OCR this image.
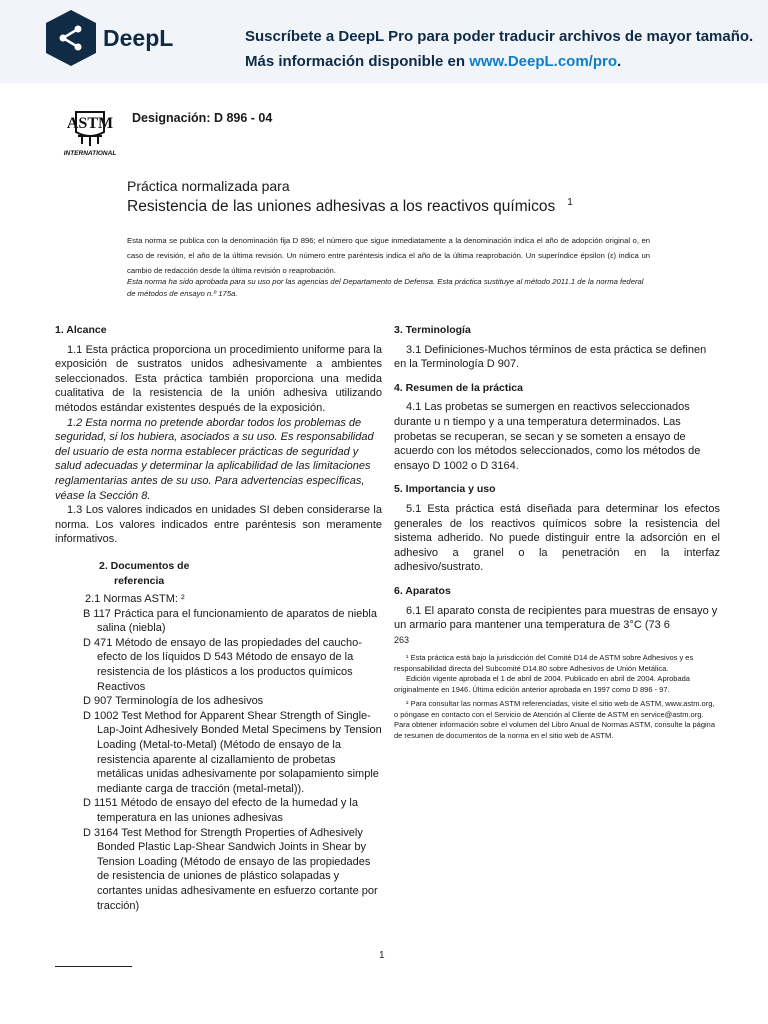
DeepL	Suscríbete a DeepL Pro para poder traducir archivos de mayor tamaño.
Más información disponible en www.DeepL.com/pro.
ASTM
INTERNATIONAL
Designación: D 896 - 04
Práctica normalizada para
Resistencia de las uniones adhesivas a los reactivos químicos $^1$
Esta norma se publica con la denominación fija D 896; el número que sigue inmediatamente a la denominación indica el año de adopción original o, en caso de revisión, el año de la última revisión. Un número entre paréntesis indica el año de la última reaprobación. Un superíndice épsilon (ε) indica un cambio de redacción desde la última revisión o reaprobación.
Esta norma ha sido aprobada para su uso por las agencias del Departamento de Defensa. Esta práctica sustituye al método 2011.1 de la norma federal de métodos de ensayo n.º 175a.
1. Alcance

1.1 Esta práctica proporciona un procedimiento uniforme para la exposición de sustratos unidos adhesivamente a ambientes seleccionados. Esta práctica también proporciona una medida cualitativa de la resistencia de la unión adhesiva utilizando métodos estándar existentes después de la exposición.

1.2 Esta norma no pretende abordar todos los problemas de seguridad, si los hubiera, asociados a su uso. Es responsabilidad del usuario de esta norma establecer prácticas de seguridad y salud adecuadas y determinar la aplicabilidad de las limitaciones reglamentarias antes de su uso. Para advertencias específicas, véase la Sección 8.

1.3 Los valores indicados en unidades SI deben considerarse la norma. Los valores indicados entre paréntesis son meramente informativos.

2. Documentos de
referencia

2.1 Normas ASTM: ²

B 117 Práctica para el funcionamiento de aparatos de niebla salina (niebla)

D 471 Método de ensayo de las propiedades del caucho-efecto de los líquidos D 543 Método de ensayo de la resistencia de los plásticos a los productos químicos Reactivos

D 907 Terminología de los adhesivos

D 1002 Test Method for Apparent Shear Strength of Single-Lap-Joint Adhesively Bonded Metal Specimens by Tension Loading (Metal-to-Metal) (Método de ensayo de la resistencia aparente al cizallamiento de probetas metálicas unidas adhesivamente por solapamiento simple mediante carga de tracción (metal-metal)).

D 1151 Método de ensayo del efecto de la humedad y la temperatura en las uniones adhesivas

D 3164 Test Method for Strength Properties of Adhesively Bonded Plastic Lap-Shear Sandwich Joints in Shear by Tension Loading (Método de ensayo de las propiedades de resistencia de uniones de plástico solapadas y cortantes unidas adhesivamente en esfuerzo cortante por tracción)

3. Terminología

3.1 Definiciones-Muchos términos de esta práctica se definen en la Terminología D 907.

4. Resumen de la práctica

4.1 Las probetas se sumergen en reactivos seleccionados durante u n tiempo y a una temperatura determinados. Las probetas se recuperan, se secan y se someten a ensayo de acuerdo con los métodos seleccionados, como los métodos de ensayo D 1002 o D 3164.

5. Importancia y uso

5.1 Esta práctica está diseñada para determinar los efectos generales de los reactivos químicos sobre la resistencia del sistema adherido. No puede distinguir entre la adsorción en el adhesivo a granel o la penetración en la interfaz adhesivo/sustrato.

6. Aparatos

6.1 El aparato consta de recipientes para muestras de ensayo y un armario para mantener una temperatura de 3°C (73 6

263

¹ Esta práctica está bajo la jurisdicción del Comité D14 de ASTM sobre Adhesivos y es responsabilidad directa del Subcomité D14.80 sobre Adhesivos de Unión Metálica.

Edición vigente aprobada el 1 de abril de 2004. Publicado en abril de 2004. Aprobada originalmente en 1946. Última edición anterior aprobada en 1997 como D 896 - 97.

² Para consultar las normas ASTM referenciadas, visite el sitio web de ASTM, www.astm.org, o póngase en contacto con el Servicio de Atención al Cliente de ASTM en service@astm.org. Para obtener información sobre el volumen del Libro Anual de Normas ASTM, consulte la página de resumen de documentos de la norma en el sitio web de ASTM.

1
